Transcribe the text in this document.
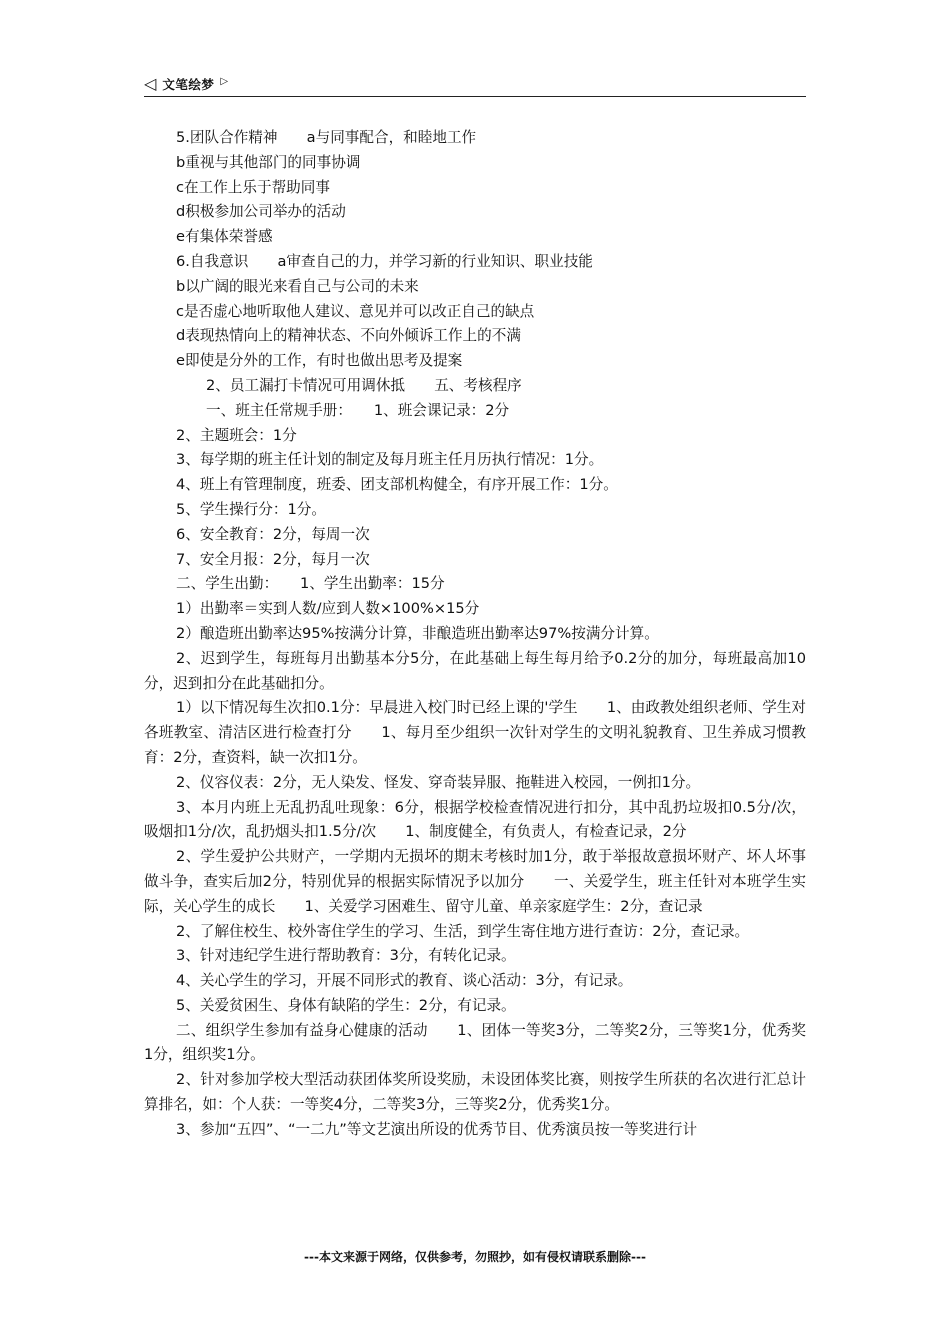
◁ 文笔绘梦 ▷

5.团队合作精神　　a与同事配合，和睦地工作

b重视与其他部门的同事协调

c在工作上乐于帮助同事

d积极参加公司举办的活动

e有集体荣誉感

6.自我意识　　a审查自己的力，并学习新的行业知识、职业技能

b以广阔的眼光来看自己与公司的未来

c是否虚心地听取他人建议、意见并可以改正自己的缺点

d表现热情向上的精神状态、不向外倾诉工作上的不满

e即使是分外的工作，有时也做出思考及提案

2、员工漏打卡情况可用调休抵　　五、考核程序

一、班主任常规手册：　　1、班会课记录：2分

2、主题班会：1分

3、每学期的班主任计划的制定及每月班主任月历执行情况：1分。

4、班上有管理制度，班委、团支部机构健全，有序开展工作：1分。

5、学生操行分：1分。

6、安全教育：2分，每周一次

7、安全月报：2分，每月一次

二、学生出勤：　　1、学生出勤率：15分

1）出勤率＝实到人数/应到人数×100%×15分

2）酿造班出勤率达95%按满分计算，非酿造班出勤率达97%按满分计算。

2、迟到学生，每班每月出勤基本分5分，在此基础上每生每月给予0.2分的加分，每班最高加10分，迟到扣分在此基础扣分。

1）以下情况每生次扣0.1分：早晨进入校门时已经上课的'学生　　1、由政教处组织老师、学生对各班教室、清洁区进行检查打分　　1、每月至少组织一次针对学生的文明礼貌教育、卫生养成习惯教育：2分，查资料，缺一次扣1分。

2、仪容仪表：2分，无人染发、怪发、穿奇装异服、拖鞋进入校园，一例扣1分。

3、本月内班上无乱扔乱吐现象：6分，根据学校检查情况进行扣分，其中乱扔垃圾扣0.5分/次，吸烟扣1分/次，乱扔烟头扣1.5分/次　　1、制度健全，有负责人，有检查记录，2分

2、学生爱护公共财产，一学期内无损坏的期末考核时加1分，敢于举报故意损坏财产、坏人坏事做斗争，查实后加2分，特别优异的根据实际情况予以加分　　一、关爱学生，班主任针对本班学生实际，关心学生的成长　　1、关爱学习困难生、留守儿童、单亲家庭学生：2分，查记录

2、了解住校生、校外寄住学生的学习、生活，到学生寄住地方进行查访：2分，查记录。

3、针对违纪学生进行帮助教育：3分，有转化记录。

4、关心学生的学习，开展不同形式的教育、谈心活动：3分，有记录。

5、关爱贫困生、身体有缺陷的学生：2分，有记录。

二、组织学生参加有益身心健康的活动　　1、团体一等奖3分，二等奖2分，三等奖1分，优秀奖1分，组织奖1分。

2、针对参加学校大型活动获团体奖所设奖励，未设团体奖比赛，则按学生所获的名次进行汇总计算排名，如：个人获：一等奖4分，二等奖3分，三等奖2分，优秀奖1分。

3、参加“五四”、“一二九”等文艺演出所设的优秀节目、优秀演员按一等奖进行计

---本文来源于网络，仅供参考，勿照抄，如有侵权请联系删除---
